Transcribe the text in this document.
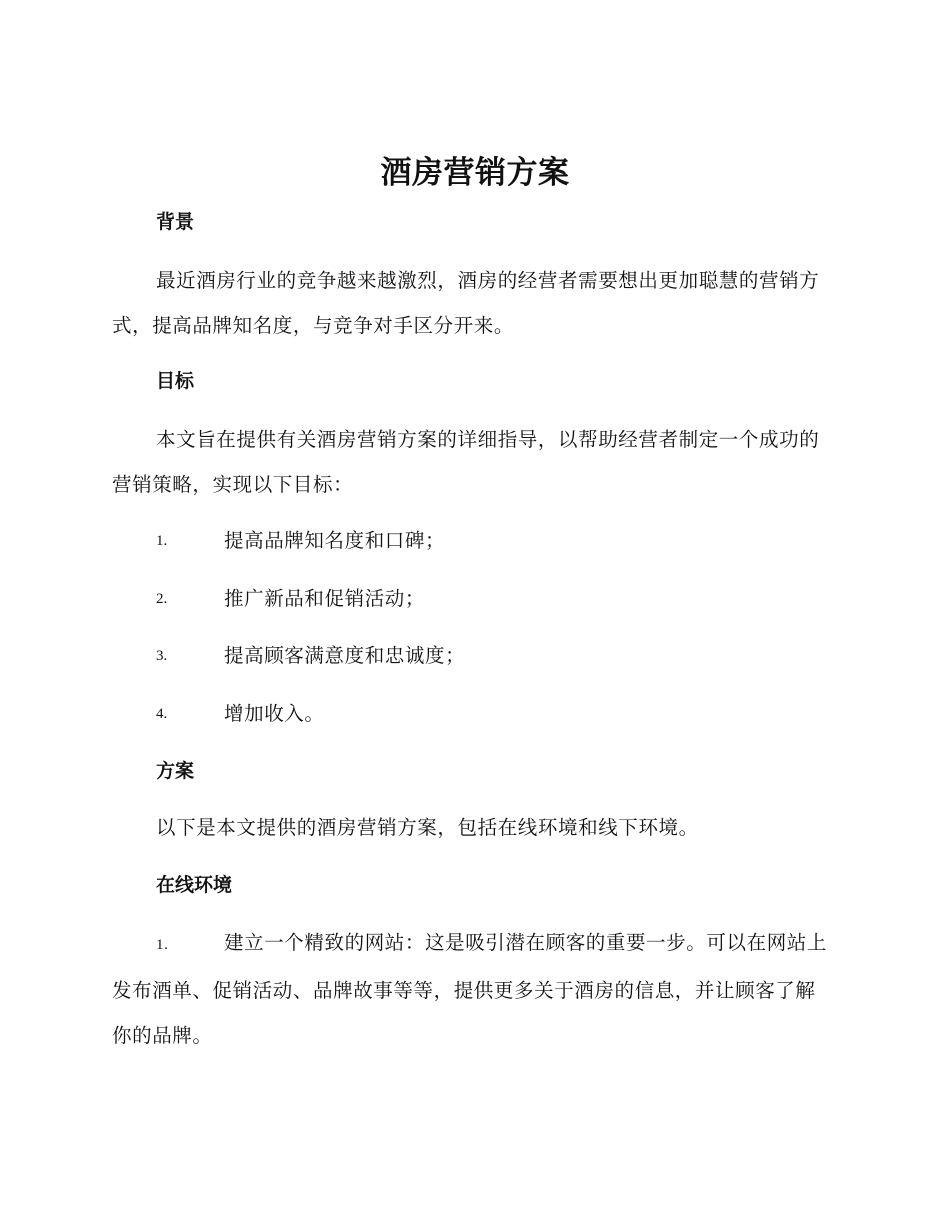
酒房营销方案
背景

最近酒房行业的竞争越来越激烈，酒房的经营者需要想出更加聪慧的营销方式，提高品牌知名度，与竞争对手区分开来。

目标

本文旨在提供有关酒房营销方案的详细指导，以帮助经营者制定一个成功的营销策略，实现以下目标：

1.	提高品牌知名度和口碑；
2.	推广新品和促销活动；
3.	提高顾客满意度和忠诚度；
4.	增加收入。
方案
以下是本文提供的酒房营销方案，包括在线环境和线下环境。
在线环境

1.	建立一个精致的网站：这是吸引潜在顾客的重要一步。可以在网站上发布酒单、促销活动、品牌故事等等，提供更多关于酒房的信息，并让顾客了解你的品牌。
